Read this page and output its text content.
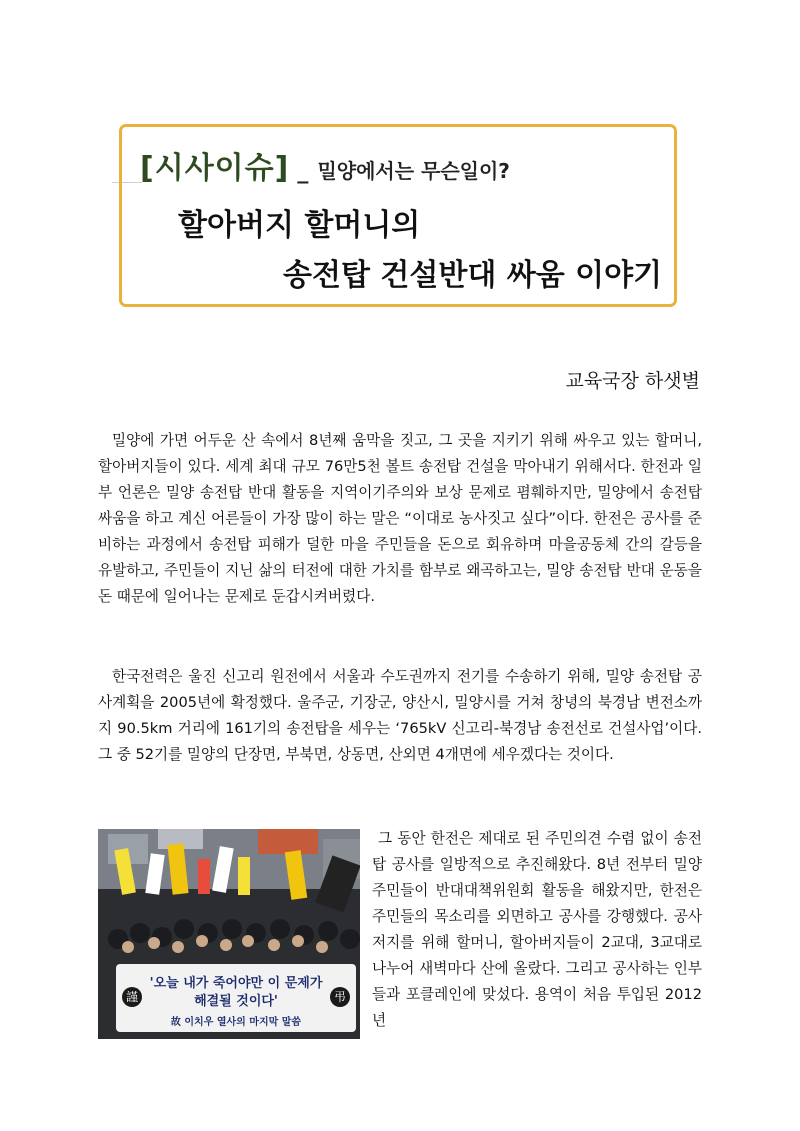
[시사이슈] _ 밀양에서는 무슨일이?
할아버지 할머니의
송전탑 건설반대 싸움 이야기
교육국장 하샛별

밀양에 가면 어두운 산 속에서 8년째 움막을 짓고, 그 곳을 지키기 위해 싸우고 있는 할머니, 할아버지들이 있다. 세계 최대 규모 76만5천 볼트 송전탑 건설을 막아내기 위해서다. 한전과 일부 언론은 밀양 송전탑 반대 활동을 지역이기주의와 보상 문제로 폄훼하지만, 밀양에서 송전탑 싸움을 하고 계신 어른들이 가장 많이 하는 말은 “이대로 농사짓고 싶다”이다. 한전은 공사를 준비하는 과정에서 송전탑 피해가 덜한 마을 주민들을 돈으로 회유하며 마을공동체 간의 갈등을 유발하고, 주민들이 지닌 삶의 터전에 대한 가치를 함부로 왜곡하고는, 밀양 송전탑 반대 운동을 돈 때문에 일어나는 문제로 둔갑시켜버렸다.

한국전력은 울진 신고리 원전에서 서울과 수도권까지 전기를 수송하기 위해, 밀양 송전탑 공사계획을 2005년에 확정했다. 울주군, 기장군, 양산시, 밀양시를 거쳐 창녕의 북경남 변전소까지 90.5km 거리에 161기의 송전탑을 세우는 ‘765kV 신고리-북경남 송전선로 건설사업’이다. 그 중 52기를 밀양의 단장면, 부북면, 상동면, 산외면 4개면에 세우겠다는 것이다.

謹	弔
'오늘 내가 죽어야만 이 문제가 해결될 것이다'
故 이치우 열사의 마지막 말씀

그 동안 한전은 제대로 된 주민의견 수렴 없이 송전탑 공사를 일방적으로 추진해왔다. 8년 전부터 밀양 주민들이 반대대책위원회 활동을 해왔지만, 한전은 주민들의 목소리를 외면하고 공사를 강행했다. 공사 저지를 위해 할머니, 할아버지들이 2교대, 3교대로 나누어 새벽마다 산에 올랐다. 그리고 공사하는 인부들과 포클레인에 맞섰다. 용역이 처음 투입된 2012년
